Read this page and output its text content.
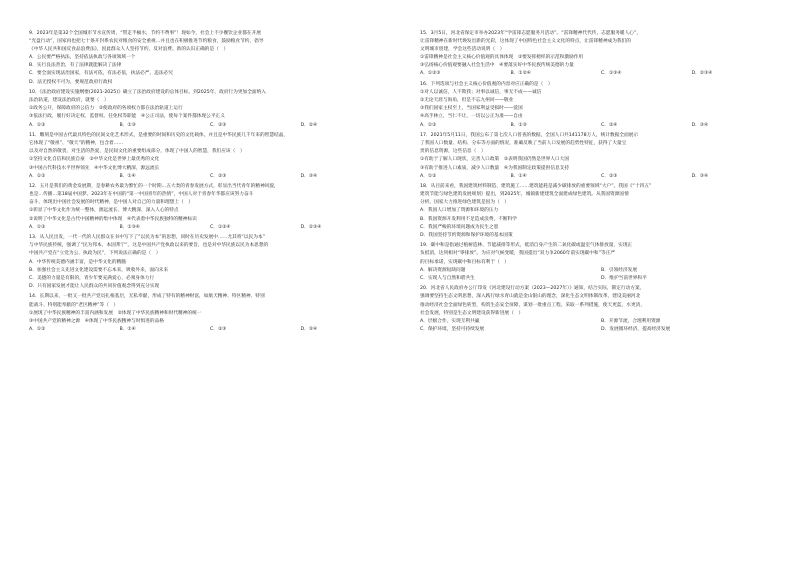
9．2023年是第32个全国城市节水宣传周，“带走半桶水，节约不费事”！现如今，社会上不少餐饮企业都在开展
“光盘行动”，国家再也把七十条开封系农民对粮食的安全重视…并且也在积极推进节约粮食，鼓励粮食节约，倡导
《中华人民共和国反食品浪费法》，因此群众人人坚持节约，反对浪费。新的认识正确的是（　）
A．公民要严格执法，坚持依法执政与各项领域一个
B．实行良法善治，有了法律就能解决了法律
C．要全面实现法治国家，有法可依，有法必依，执法必严，违法必究
D．法无授权不可为，要规范政府行政权
10．《法治政府建设实施纲要(2021-2025)》确立了法治政府建设的总体目标，到2025年，政府行为更加全面纳入
法治轨道，建设法治政府，就要（　）
①政务公开，保障政府的公信力　②使政府的各项权力都在法治轨道上运行
③依法行政，履行好决定权、监督权、任免权等职能　④公正司法，使每个案件都体现公平正义
A．①②	B．①③	C．②③	D．②④
11．雕刻是中国古代最具特色的民间文化艺术形式，是重要的时间和历史的文化载体，并且是中华民族几千年来的智慧结晶，
它体现了“敬祖”、“敬天”的精神，包含着……
以及对自然的敬畏、对生活的热爱，是民间文化的重要组成部分，体现了中国人的智慧，我们应该（　）
①坚持文化自信和民族自豪　②中华文化是世界上最优秀的文化
③中国古代科技水平世界领先　④中华文化博大精深，源远流长
A．①②	B．①④	C．②③	D．③④
12．五月是我们的黄金发展期，是春耕农务最为繁忙的一个时期…五大类的青春发展方式，彰显出当代青年的精神风貌，
也是…传播…第18届中国梦。2023年在中国的“第一中国青年的热情”，中国人对于青春年华都应该努力奋斗
奋斗，体现出中国社会发展的时代精神，是中国人对自己的力量和理想上（　）
①彰显了中华文化作为统一整体，源远流长、博大精深、深入人心的特点
②说明了中华文化是古代中国精神的集中体现　④代表着中华民族独特的精神标识
A．①②	B．①③④	C．①②④	D．②③④
13．从人民出发，一代一代的人民群众在书中写下了“以民为本”的思想，同时在历史发展中……尤其将“以民为本”
与中华民族传统，强调了“民为邦本，本固邦宁”。这是中国共产党执政以来的要旨，也是对中华民族以民为本思想的
中国共产党在“立党为公、执政为民”，下列说法正确的是（　）
A．中华传统美德内涵丰富，是中华文化的精髓
B．加强社会主义先进文化建设需要不忘本来，吸收外来，面向未来
C．美德的力量是有限的，青少年要充满爱心，必须身体力行
D．只有国家发展才能让人民群众的共同价值观念得到充分实现
14．长期以来，一批又一批共产党员扎根基层，无私奉献，形成了特有的精神财富，如航天精神、特区精神、特别
能战斗、特别能奉献的“老区精神”等（　）
①展现了中华民族精神的丰富内涵和发展　②体现了中华民族精神和时代精神的统一
③中国共产党的精神之源　④体现了中华民族精神与时俱进的品格
A．①②	B．①④	C．②③	D．③④
15．3月5日，河北省保定市举办2023年“学雷锋志愿服务月活动”。“雷锋精神代代传，志愿服务暖人心”，
让雷锋精神在新时代焕发出新的光彩，这体现了中国特色社会主义文化的特点，让雷锋精神成为我们的
文明城市创建，学会这些活动说明（　）
①雷锋精神是社会主义核心价值观的具体体现　②要发挥榜样的示范和激励作用
③弘扬核心价值观要融入社会生活中　④要落实好中华民族传统美德的力量
A．①②③	B．①②④	C．①③④	D．②③④
16．下列选项与社会主义核心价值观的内容对应正确的是（　）
①对人以诚信，人不欺我；对事以诚信，事无不成——诚信
②无论天涯与海角，但是不忘九州同——敬业
③我们国家主权至上，当国家利益受损时——爱国
④高手林立，当仁不让，一切以公正为准——自由
A．①②	B．①③	C．②④	D．③④
17．2021年5月11日，我国公布了第七次人口普查的数据，全国人口共141178万人，统计数据全面展示
了我国人口数量、结构、分布等方面的情况，准确反映了当前人口发展的趋势性特征，获得了大量宝
贵的信息资源，这些信息（　）
①有助于了解人口现状，完善人口政策　②表明我国仍然是世界人口大国
③有助于推进人口素质，减少人口数量　④为我国制定政策提供信息支持
A．①②	B．①④	C．②③	D．③④
18．从目前来看，我国建筑材料制造、建筑施工……建筑能耗是减少碳排放的重要领域“大户”。我国《“十四五”
建筑节能与绿色建筑发展规划》提出，到2025年，城镇新建建筑全面建成绿色建筑。从我国资源国情
分析，国家大力推进绿色建筑是因为（　）
A．我国人口增加了资源和环境的压力
B．我国资源开发利用不足造成浪费，不断科学
C．我国严峻的环境问题成为民生之患
D．我国坚持节约资源和保护环境的基本国策
19．碳中和是指通过植树造林、节能减排等形式，抵消自身产生的二氧化碳或温室气体排放量，实现正
负抵消，达到相对“零排放”。为应对气候变暖，我国提出“双力争2060年前实现碳中和”等庄严
的目标承诺，实现碳中和目标有利于（　）
A．解决资源短缺问题	B．引领经济发展
C．实现人与自然和谐共生	D．维护当前世界和平
20．河北省人民政府办公厅印发《河北建设行动方案（2023—2027年）》通知，结合实际，制定行动方案，
强调要坚持生态文明思想，深入践行绿水青山就是金山银山的理念，深化生态文明体制改革，建设美丽河北
推动经济社会全面绿色转型，构筑生态安全屏障，谋划一批重点工程，采取一系列措施，使天更蓝、水更清，
社会发展，特别是生态文明建设获得新进展（　）
A．层级合作，实现互利共赢	B．开源节流，合理利用资源
C．保护环境，坚持可持续发展	D．发展循环经济，提高经济发展
